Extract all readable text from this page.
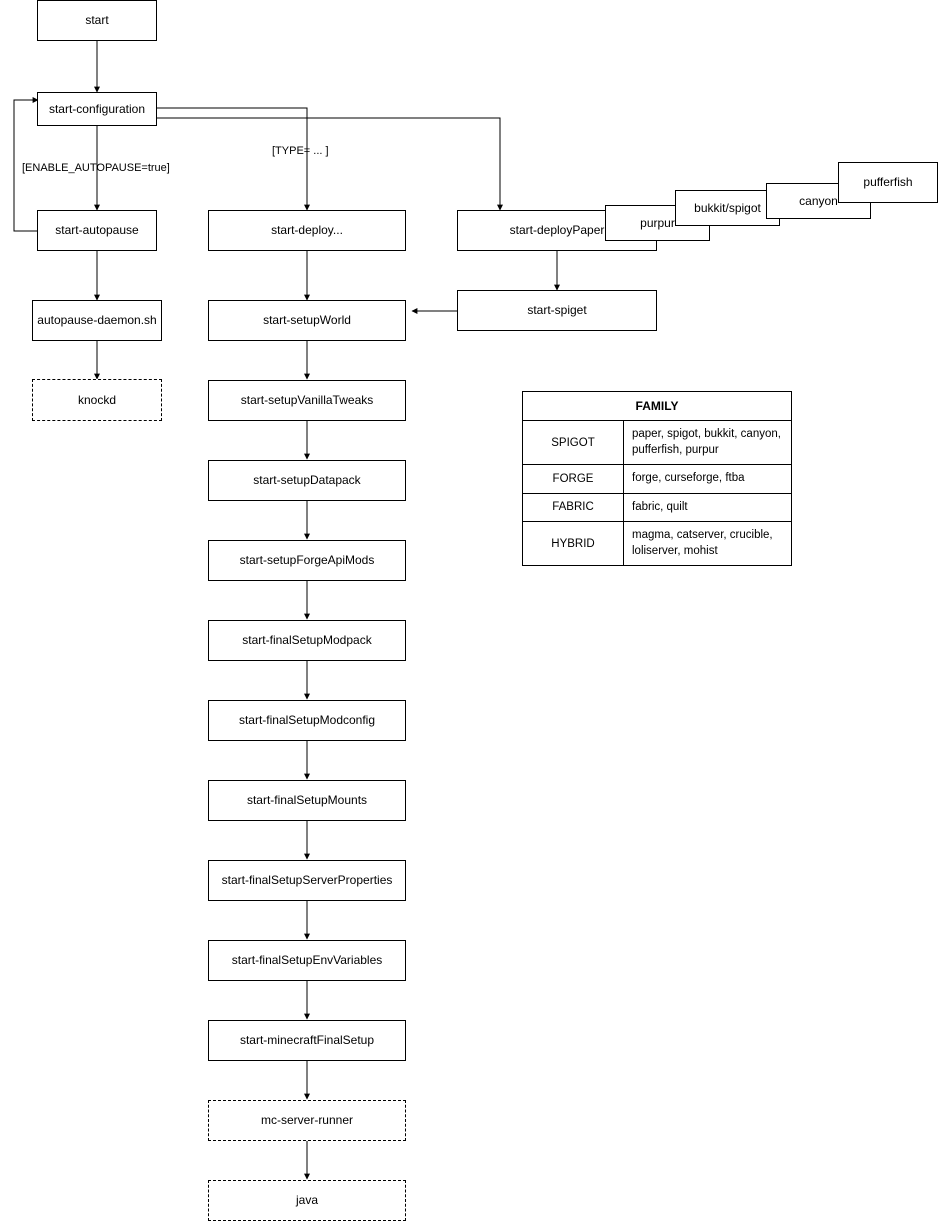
start
start-configuration
start-autopause
autopause-daemon.sh
knockd
start-deploy...	start-deployPaper
purpur
bukkit/spigot	canyon
pufferfish
start-spiget
start-setupWorld
start-setupVanillaTweaks
start-setupDatapack
start-setupForgeApiMods
start-finalSetupModpack
start-finalSetupModconfig
start-finalSetupMounts
start-finalSetupServerProperties
start-finalSetupEnvVariables
start-minecraftFinalSetup
mc-server-runner
java
[ENABLE_AUTOPAUSE=true]
[TYPE= ... ]
FAMILY	
SPIGOT	paper, spigot, bukkit, canyon, pufferfish, purpur
FORGE	forge, curseforge, ftba
FABRIC	fabric, quilt
HYBRID	magma, catserver, crucible, loliserver, mohist
